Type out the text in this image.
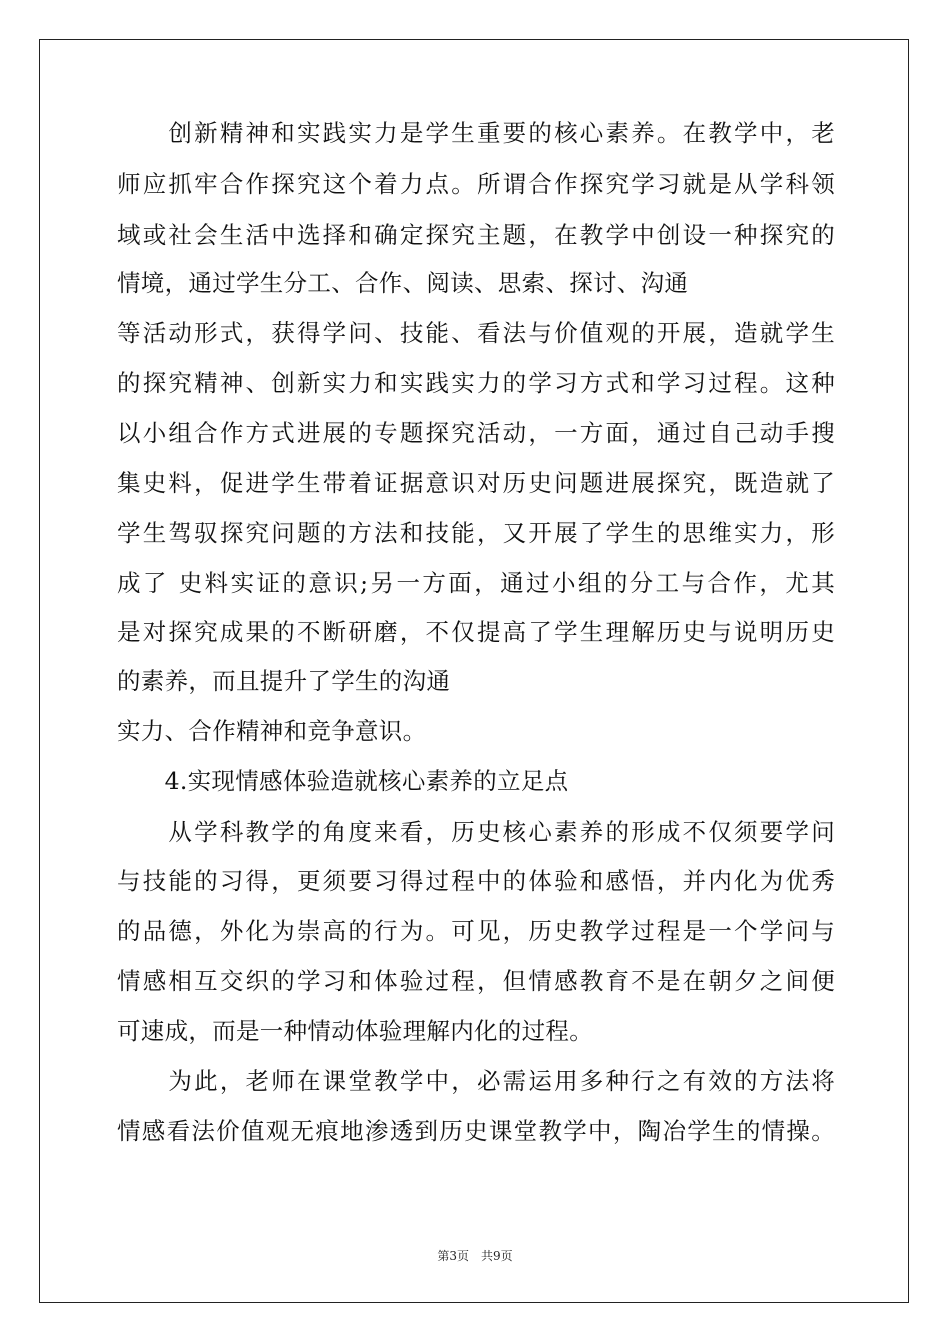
　　创新精神和实践实力是学生重要的核心素养。在教学中，老
师应抓牢合作探究这个着力点。所谓合作探究学习就是从学科领
域或社会生活中选择和确定探究主题，在教学中创设一种探究的
情境，通过学生分工、合作、阅读、思索、探讨、沟通
等活动形式，获得学问、技能、看法与价值观的开展，造就学生
的探究精神、创新实力和实践实力的学习方式和学习过程。这种
以小组合作方式进展的专题探究活动，一方面，通过自己动手搜
集史料，促进学生带着证据意识对历史问题进展探究，既造就了
学生驾驭探究问题的方法和技能，又开展了学生的思维实力，形
成了 史料实证的意识;另一方面，通过小组的分工与合作，尤其
是对探究成果的不断研磨，不仅提高了学生理解历史与说明历史
的素养，而且提升了学生的沟通
实力、合作精神和竞争意识。
　　4.实现情感体验造就核心素养的立足点
　　从学科教学的角度来看，历史核心素养的形成不仅须要学问
与技能的习得，更须要习得过程中的体验和感悟，并内化为优秀
的品德，外化为崇高的行为。可见，历史教学过程是一个学问与
情感相互交织的学习和体验过程，但情感教育不是在朝夕之间便
可速成，而是一种情动体验理解内化的过程。
　　为此，老师在课堂教学中，必需运用多种行之有效的方法将
情感看法价值观无痕地渗透到历史课堂教学中，陶冶学生的情操。
第3页　共9页
